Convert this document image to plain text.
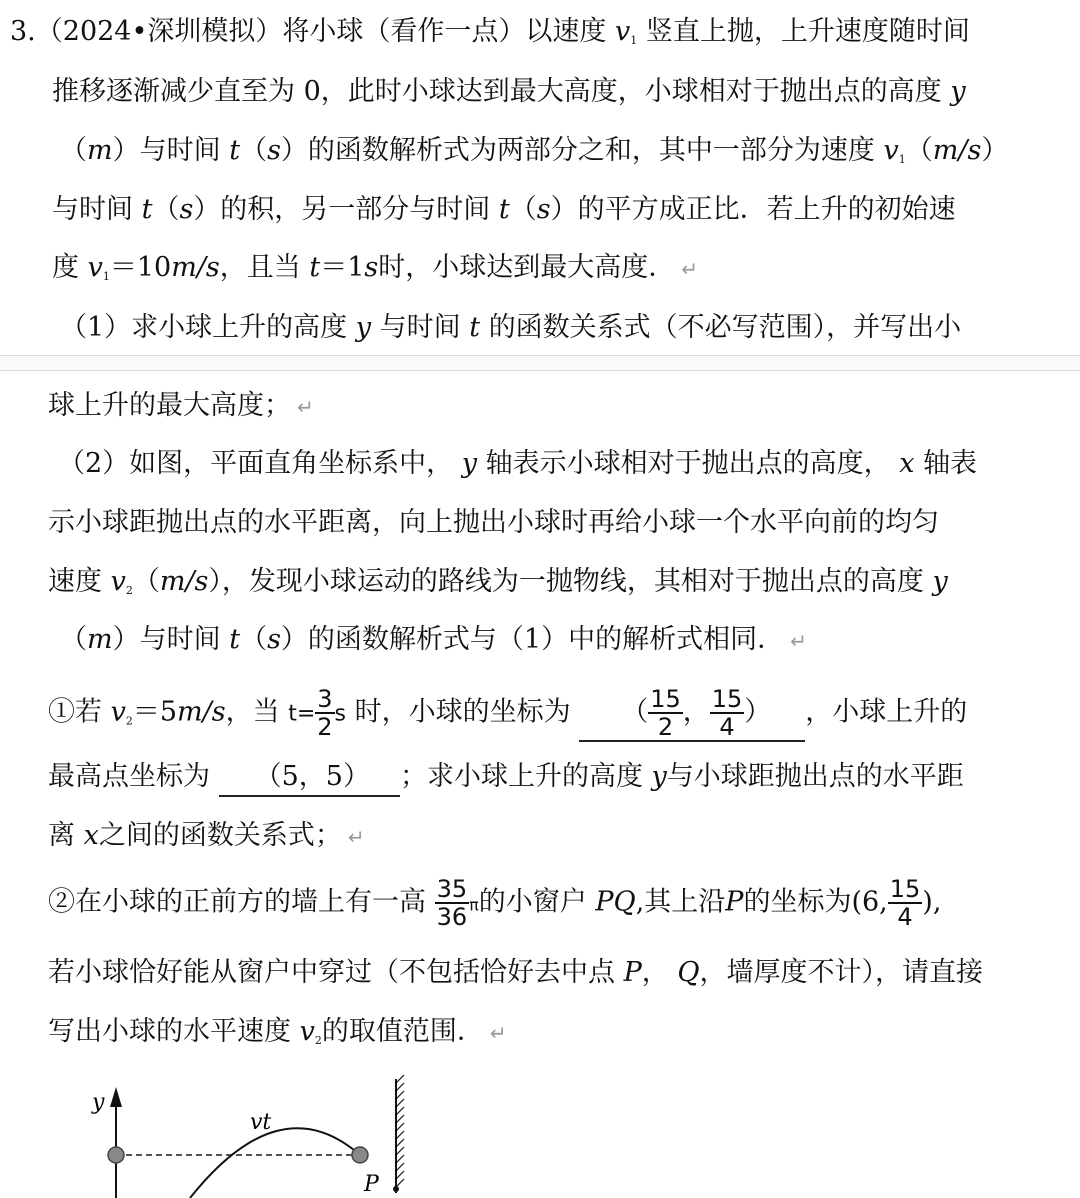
3.（2024•深圳模拟）将小球（看作一点）以速度 $v_1$ 竖直上抛，上升速度随时间
推移逐渐减少直至为 0，此时小球达到最大高度，小球相对于抛出点的高度 y
（m）与时间 t（s）的函数解析式为两部分之和，其中一部分为速度 $v_1(m/s)$
与时间 t（s）的积，另一部分与时间 t（s）的平方成正比．若上升的初始速
度 $v_1=10m/s$，且当 t＝1s时，小球达到最大高度． ↵
（1）求小球上升的高度 y 与时间 t 的函数关系式（不必写范围），并写出小
球上升的最大高度； ↵
（2）如图，平面直角坐标系中， y 轴表示小球相对于抛出点的高度， x 轴表
示小球距抛出点的水平距离，向上抛出小球时再给小球一个水平向前的均匀
速度 $v_2(m/s)$，发现小球运动的路线为一抛物线，其相对于抛出点的高度 y
（m）与时间 t（s）的函数解析式与（1）中的解析式相同． ↵
①若 $v_2=5m/s$，当 $t= \frac{3}{2}$ s 时，小球的坐标为 （ $\frac{15}{2}$ ， $\frac{15}{4}$ ） ，小球上升的
最高点坐标为 （5，5） ；求小球上升的高度 y与小球距抛出点的水平距
离 x之间的函数关系式； ↵
②在小球的正前方的墙上有一高 $\frac{35}{36}$ π的小窗户 PQ,其上沿P的坐标为(6, $\frac{15}{4}$ ),
若小球恰好能从窗户中穿过（不包括恰好去中点 P， Q，墙厚度不计），请直接
写出小球的水平速度 $v_2$的取值范围． ↵
y
vt
P
